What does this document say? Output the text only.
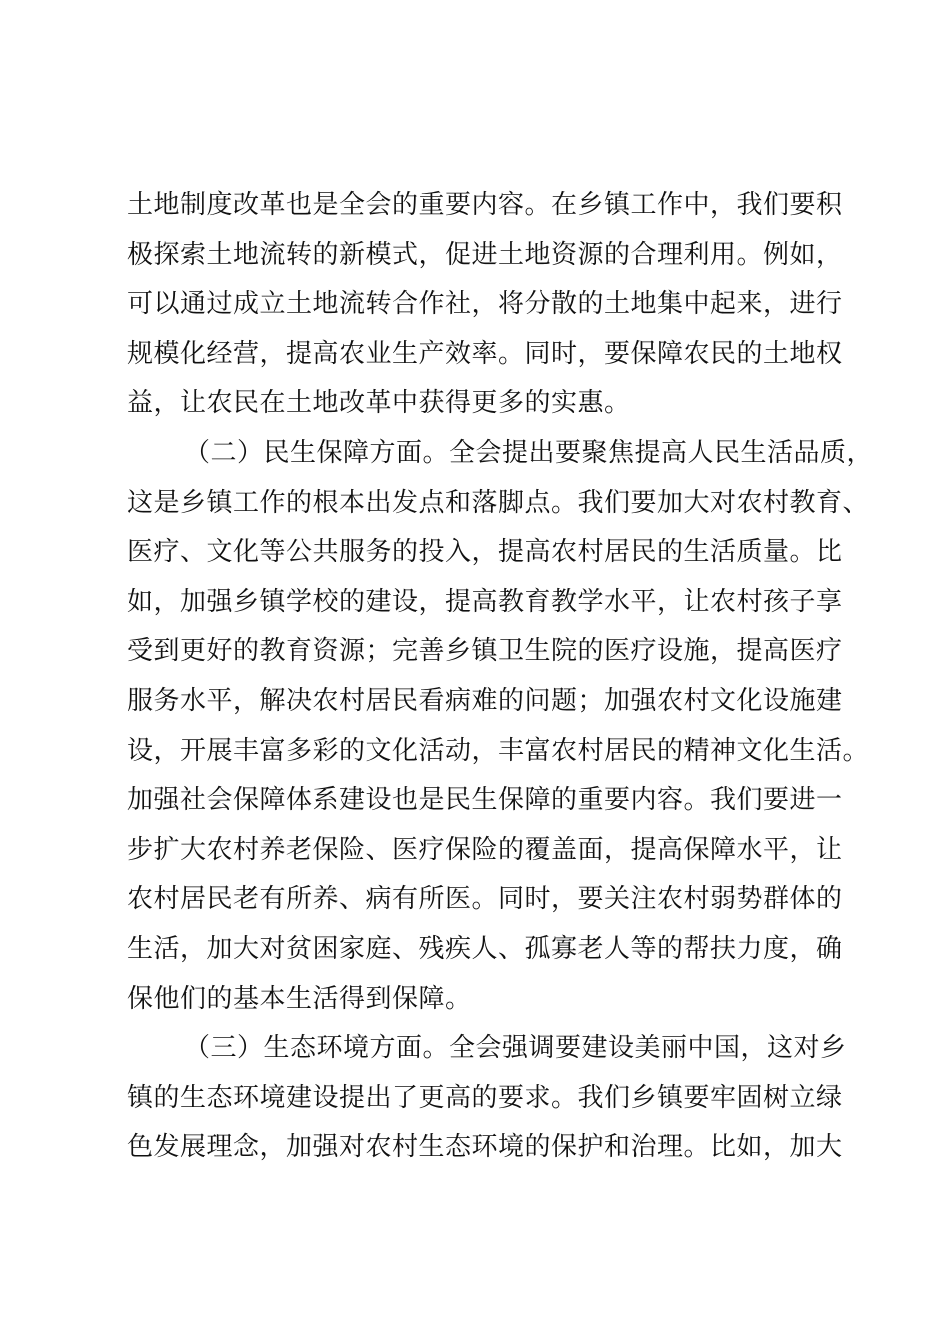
土地制度改革也是全会的重要内容。在乡镇工作中，我们要积
极探索土地流转的新模式，促进土地资源的合理利用。例如，
可以通过成立土地流转合作社，将分散的土地集中起来，进行
规模化经营，提高农业生产效率。同时，要保障农民的土地权
益，让农民在土地改革中获得更多的实惠。
（二）民生保障方面。全会提出要聚焦提高人民生活品质，
这是乡镇工作的根本出发点和落脚点。我们要加大对农村教育、
医疗、文化等公共服务的投入，提高农村居民的生活质量。比
如，加强乡镇学校的建设，提高教育教学水平，让农村孩子享
受到更好的教育资源；完善乡镇卫生院的医疗设施，提高医疗
服务水平，解决农村居民看病难的问题；加强农村文化设施建
设，开展丰富多彩的文化活动，丰富农村居民的精神文化生活。
加强社会保障体系建设也是民生保障的重要内容。我们要进一
步扩大农村养老保险、医疗保险的覆盖面，提高保障水平，让
农村居民老有所养、病有所医。同时，要关注农村弱势群体的
生活，加大对贫困家庭、残疾人、孤寡老人等的帮扶力度，确
保他们的基本生活得到保障。
（三）生态环境方面。全会强调要建设美丽中国，这对乡
镇的生态环境建设提出了更高的要求。我们乡镇要牢固树立绿
色发展理念，加强对农村生态环境的保护和治理。比如，加大
